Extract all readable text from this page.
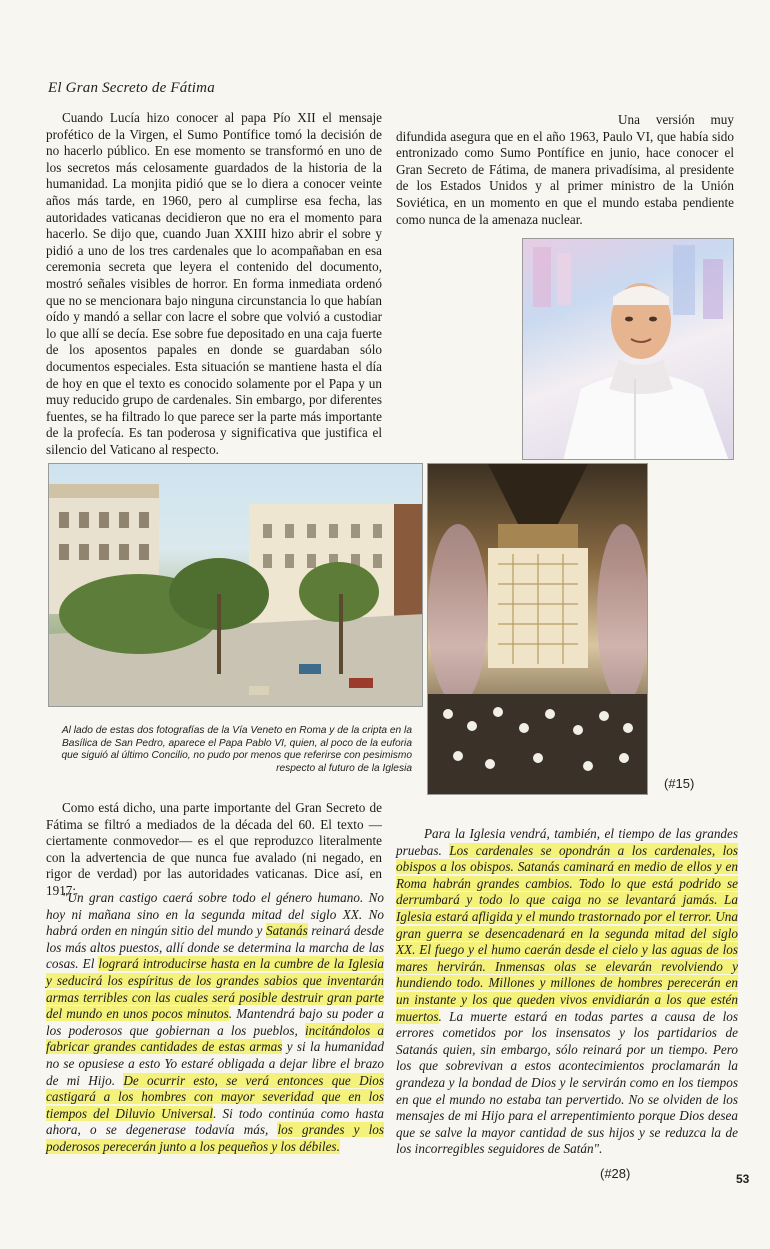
El Gran Secreto de Fátima

Cuando Lucía hizo conocer al papa Pío XII el mensaje profético de la Virgen, el Sumo Pontífice tomó la decisión de no hacerlo público. En ese momento se transformó en uno de los secretos más celosamente guardados de la historia de la humanidad. La monjita pidió que se lo diera a conocer veinte años más tarde, en 1960, pero al cumplirse esa fecha, las autoridades vaticanas decidieron que no era el momento para hacerlo. Se dijo que, cuando Juan XXIII hizo abrir el sobre y pidió a uno de los tres cardenales que lo acompañaban en esa ceremonia secreta que leyera el contenido del documento, mostró señales visibles de horror. En forma inmediata ordenó que no se mencionara bajo ninguna circunstancia lo que habían oído y mandó a sellar con lacre el sobre que volvió a custodiar lo que allí se decía. Ese sobre fue depositado en una caja fuerte de los aposentos papales en donde se guardaban sólo documentos especiales. Esta situación se mantiene hasta el día de hoy en que el texto es conocido solamente por el Papa y un muy reducido grupo de cardenales. Sin embargo, por diferentes fuentes, se ha filtrado lo que parece ser la parte más importante de la profecía. Es tan poderosa y significativa que justifica el silencio del Vaticano al respecto.

Una versión muy difundida asegura que en el año 1963, Paulo VI, que había sido entronizado como Sumo Pontífice en junio, hace conocer el Gran Secreto de Fátima, de manera privadísima, al presidente de los Estados Unidos y al primer ministro de la Unión Soviética, en un momento en que el mundo estaba pendiente como nunca de la amenaza nuclear.

Al lado de estas dos fotografías de la Vía Veneto en Roma y de la cripta en la Basílica de San Pedro, aparece el Papa Pablo VI, quien, al poco de la euforia que siguió al último Concilio, no pudo por menos que referirse con pesimismo respecto al futuro de la Iglesia
(#15)

Como está dicho, una parte importante del Gran Secreto de Fátima se filtró a mediados de la década del 60. El texto —ciertamente conmovedor— es el que reproduzco literalmente con la advertencia de que nunca fue avalado (ni negado, en rigor de verdad) por las autoridades vaticanas. Dice así, en 1917:

"Un gran castigo caerá sobre todo el género humano. No hoy ni mañana sino en la segunda mitad del siglo XX. No habrá orden en ningún sitio del mundo y Satanás reinará desde los más altos puestos, allí donde se determina la marcha de las cosas. El logrará introducirse hasta en la cumbre de la Iglesia y seducirá los espíritus de los grandes sabios que inventarán armas terribles con las cuales será posible destruir gran parte del mundo en unos pocos minutos. Mantendrá bajo su poder a los poderosos que gobiernan a los pueblos, incitándolos a fabricar grandes cantidades de estas armas y si la humanidad no se opusiese a esto Yo estaré obligada a dejar libre el brazo de mi Hijo. De ocurrir esto, se verá entonces que Dios castigará a los hombres con mayor severidad que en los tiempos del Diluvio Universal. Si todo continúa como hasta ahora, o se degenerase todavía más, los grandes y los poderosos perecerán junto a los pequeños y los débiles.

Para la Iglesia vendrá, también, el tiempo de las grandes pruebas. Los cardenales se opondrán a los cardenales, los obispos a los obispos. Satanás caminará en medio de ellos y en Roma habrán grandes cambios. Todo lo que está podrido se derrumbará y todo lo que caiga no se levantará jamás. La Iglesia estará afligida y el mundo trastornado por el terror. Una gran guerra se desencadenará en la segunda mitad del siglo XX. El fuego y el humo caerán desde el cielo y las aguas de los mares hervirán. Inmensas olas se elevarán revolviendo y hundiendo todo. Millones y millones de hombres perecerán en un instante y los que queden vivos envidiarán a los que estén muertos. La muerte estará en todas partes a causa de los errores cometidos por los insensatos y los partidarios de Satanás quien, sin embargo, sólo reinará por un tiempo. Pero los que sobrevivan a estos acontecimientos proclamarán la grandeza y la bondad de Dios y le servirán como en los tiempos en que el mundo no estaba tan pervertido. No se olviden de los mensajes de mi Hijo para el arrepentimiento porque Dios desea que se salve la mayor cantidad de sus hijos y se reduzca la de los incorregibles seguidores de Satán".

(#28)	53
